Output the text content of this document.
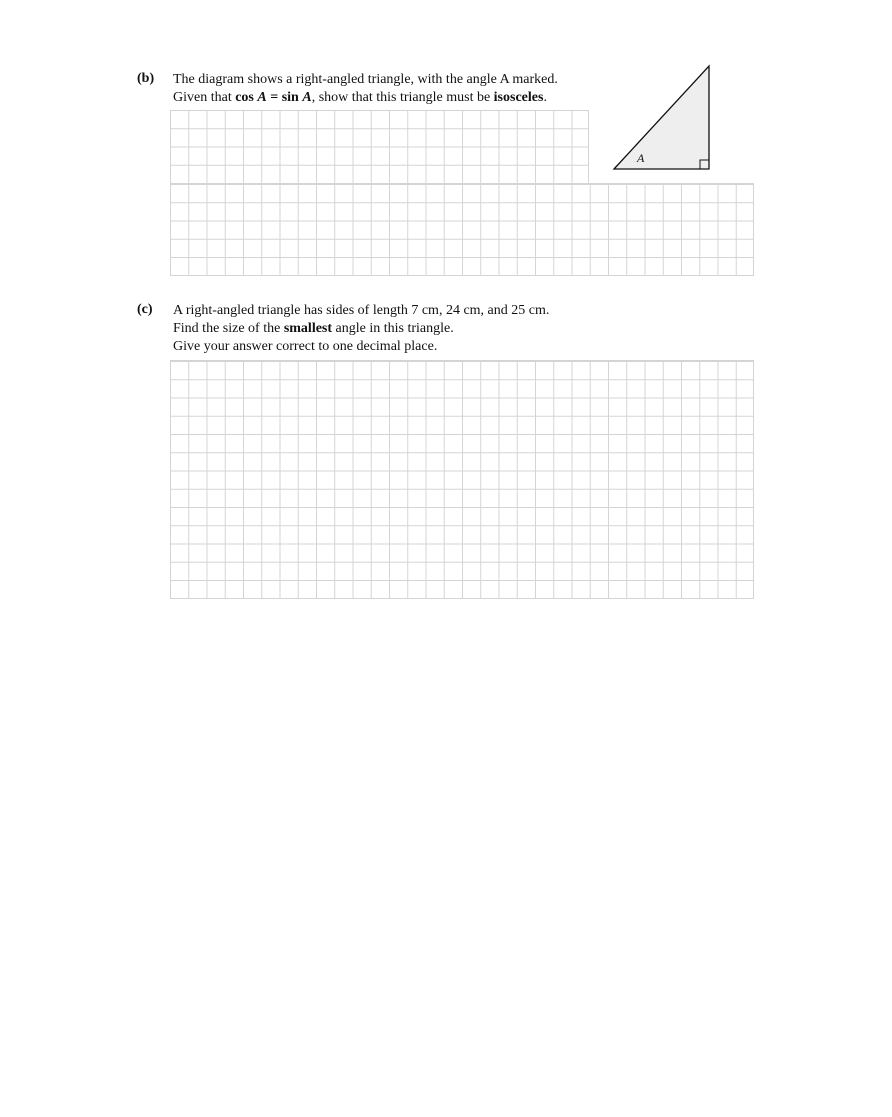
(b) The diagram shows a right-angled triangle, with the angle A marked.
Given that cos A = sin A, show that this triangle must be isosceles.
A
(c) A right-angled triangle has sides of length 7 cm, 24 cm, and 25 cm.
Find the size of the smallest angle in this triangle.
Give your answer correct to one decimal place.
